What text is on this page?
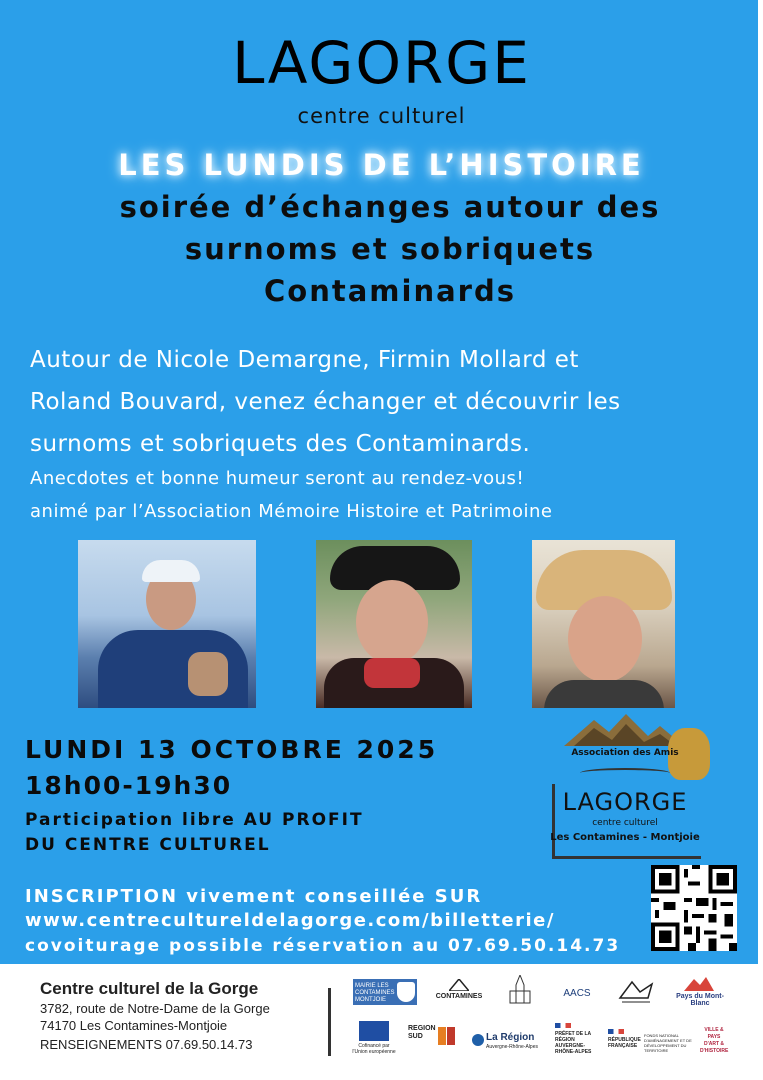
LAGORGE
centre culturel
LES LUNDIS DE L’HISTOIRE
soirée d’échanges autour des
surnoms et sobriquets
Contaminards
Autour de Nicole Demargne, Firmin Mollard et
Roland Bouvard, venez échanger et découvrir les
surnoms et sobriquets des Contaminards.
Anecdotes et bonne humeur seront au rendez-vous!
animé par l’Association Mémoire Histoire et Patrimoine
LUNDI 13 OCTOBRE 2025
18h00-19h30
Participation libre AU PROFIT
DU CENTRE CULTUREL
Association des Amis
LAGORGE
centre culturel
Les Contamines - Montjoie
INSCRIPTION vivement conseillée SUR
www.centrecultureldelagorge.com/billetterie/
covoiturage possible réservation au 07.69.50.14.73
Centre culturel de la Gorge
3782, route de Notre-Dame de la Gorge
74170 Les Contamines-Montjoie
RENSEIGNEMENTS 07.69.50.14.73
MAIRIE LES CONTAMINES MONTJOIE	CONTAMINES	AACS	Pays du Mont-Blanc
Cofinancé par l'Union européenne
REGION SUD	La Région
Auvergne-Rhône-Alpes
PRÉFET DE LA RÉGION AUVERGNE-RHÔNE-ALPES
RÉPUBLIQUE FRANÇAISE
FONDS NATIONAL D'AMÉNAGEMENT ET DE DÉVELOPPEMENT DU TERRITOIRE
VILLE & PAYS D'ART & D'HISTOIRE
